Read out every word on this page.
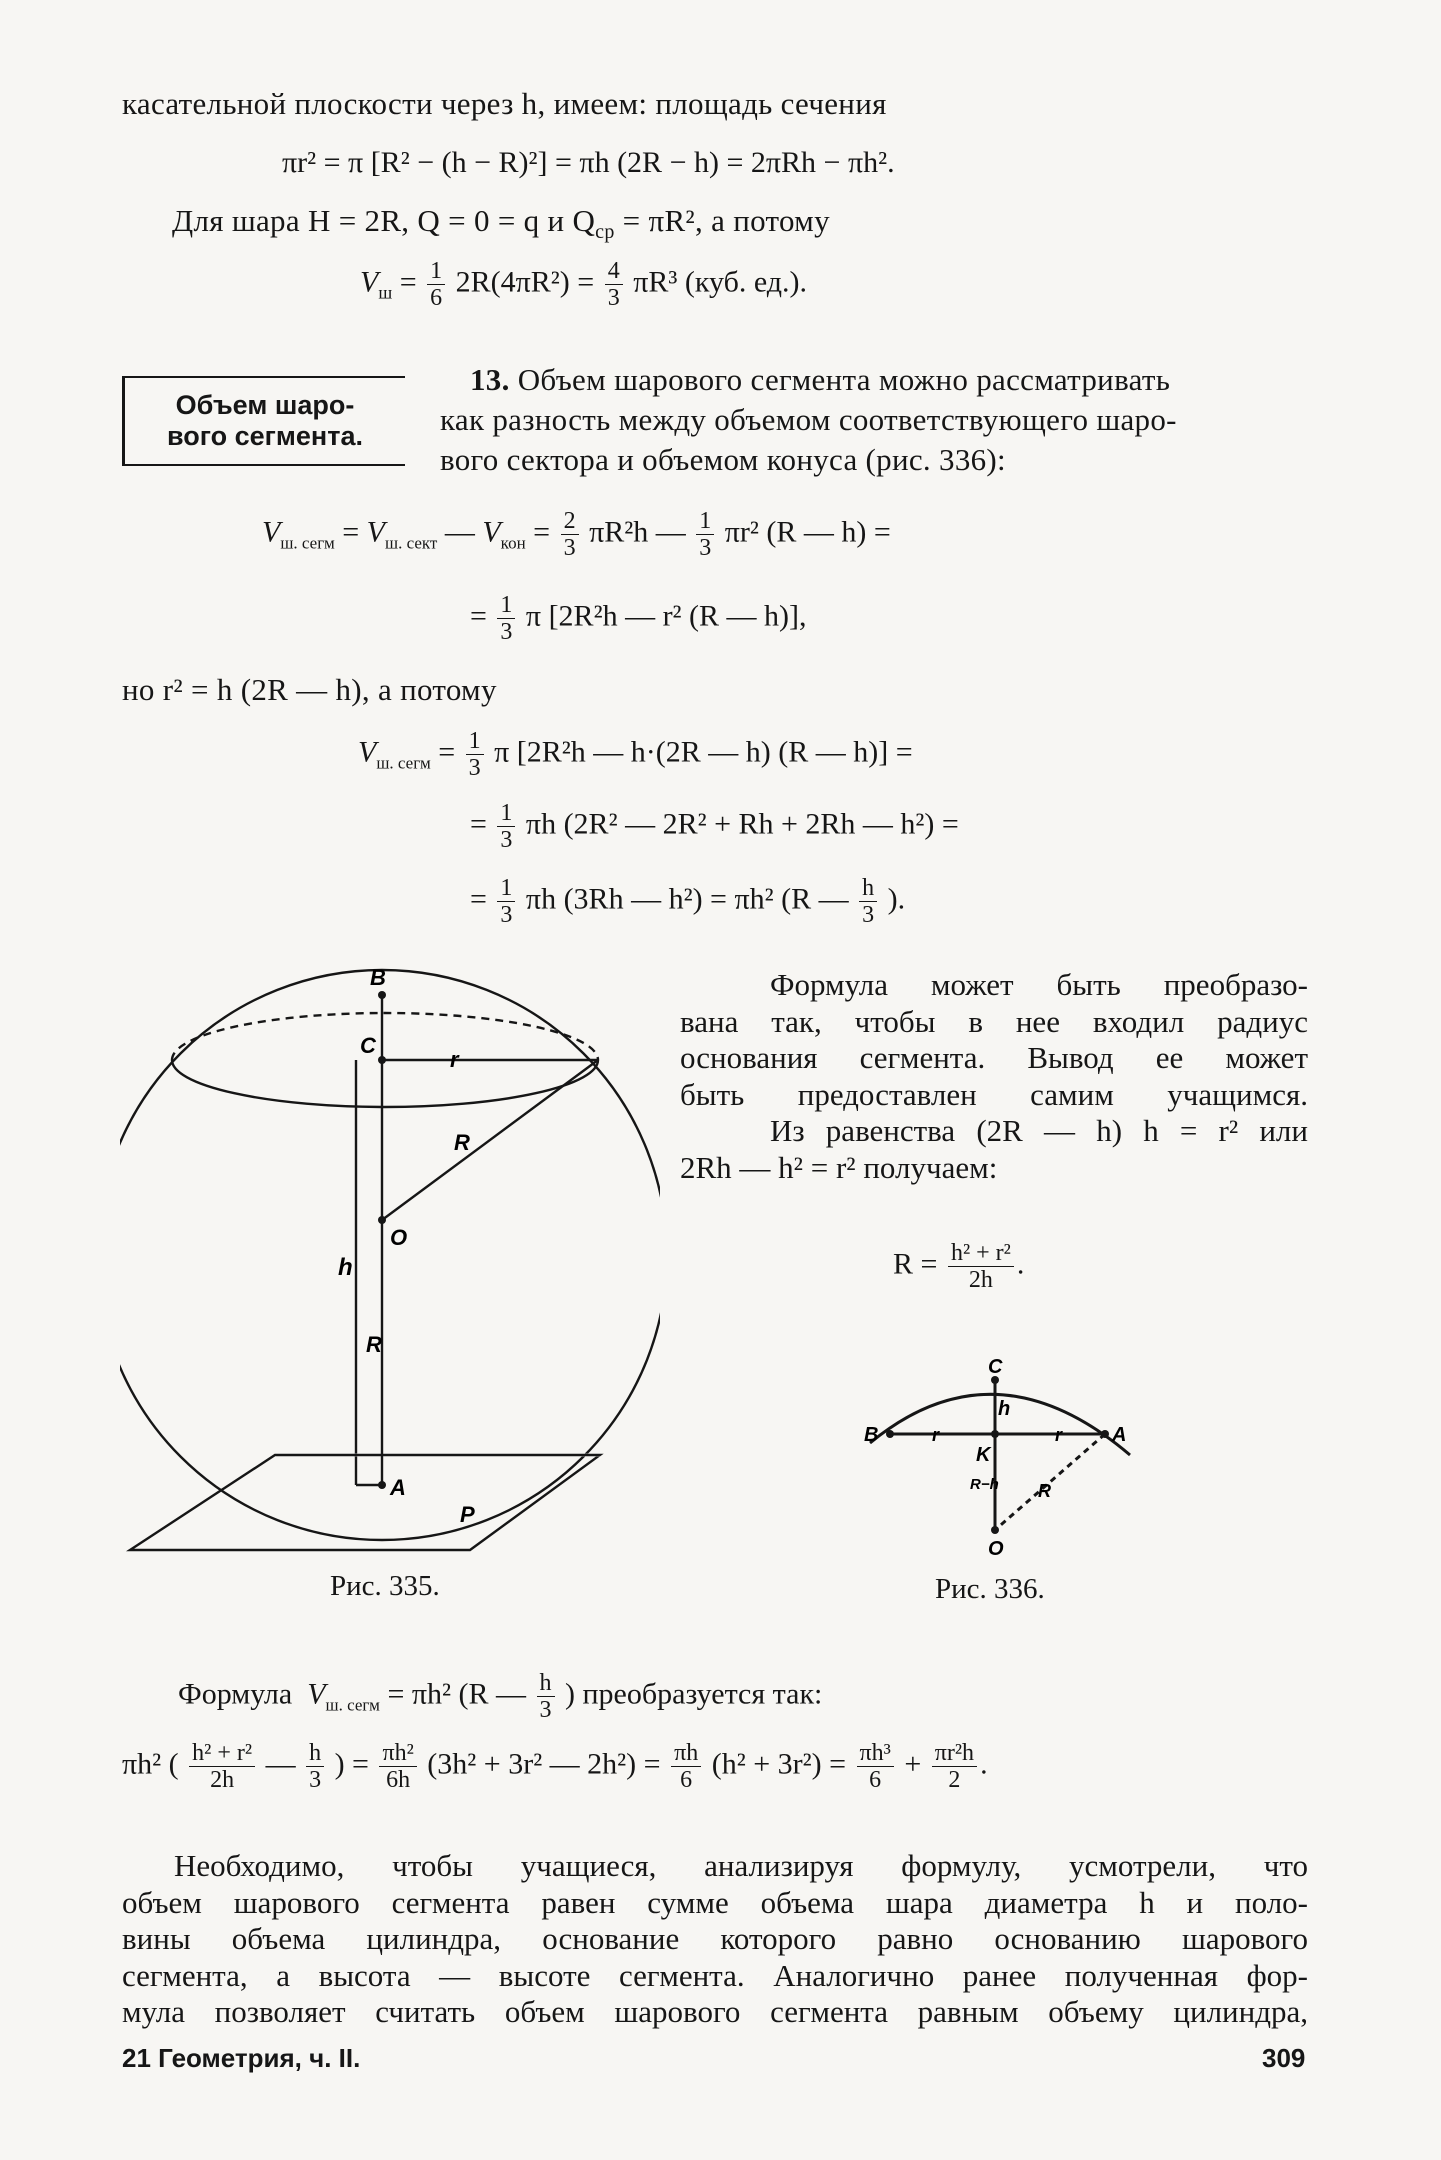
касательной плоскости через h, имеем: площадь сечения
πr² = π [R² − (h − R)²] = πh (2R − h) = 2πRh − πh².
Для шара H = 2R, Q = 0 = q и $Q_{ср} = \pi R^2$, а потому
$V_ш = \frac{1}{6} 2R(4\pi R^2) = \frac{4}{3} \pi R^3$ (куб. ед.).
Объем шаро-
вого сегмента.
13. Объем шарового сегмента можно рассматривать
как разность между объемом соответствующего шаро-
вого сектора и объемом конуса (рис. 336):
$V_{ш. сегм} = V_{ш. сект}$ — $V_{кон} = \frac{2}{3} \pi R^2h$ — $\frac{1}{3} \pi r^2$ (R — h) =
= $\frac{1}{3}$ π [2R²h — r² (R — h)],
но r² = h (2R — h), а потому
$V_{ш. сегм} = \frac{1}{3}$ π [2R²h — h·(2R — h) (R — h)] =
= $\frac{1}{3}$ πh (2R² — 2R² + Rh + 2Rh — h²) =
= $\frac{1}{3}$ πh (3Rh — h²) = πh² (R — $\frac{h}{3}$ ).
B
C
r
R
O
h
R
A
P
Рис. 335.
Формула может быть преобразо-
вана так, чтобы в нее входил радиус
основания сегмента. Вывод ее может
быть предоставлен самим учащимся.
Из равенства (2R — h) h = r² или
2Rh — h² = r² получаем:
$R = \frac{\text{h² + r²}}{2h}$ .
C
h
B	r	r A
K
R−h R
O
Рис. 336.
Формула  $V_{ш. сегм} = \pi h^2$ (R — $\frac{h}{3}$ ) преобразуется так:
πh² ( $\frac{\text{h² + r²}}{2h}$ — $\frac{h}{3}$ ) = $\frac{\text{πh²}}{6h} (3h^2 + 3r^2$ — $2h^2) = \frac{\pi h}{6} (h^2 + 3r^2) = \frac{\text{πh³}}{6} + \frac{\text{πr²h}}{2}$ .
Необходимо, чтобы учащиеся, анализируя формулу, усмотрели, что
объем шарового сегмента равен сумме объема шара диаметра h и поло-
вины объема цилиндра, основание которого равно основанию шарового
сегмента, а высота — высоте сегмента. Аналогично ранее полученная фор-
мула позволяет считать объем шарового сегмента равным объему цилиндра,
21 Геометрия, ч. II.	309
